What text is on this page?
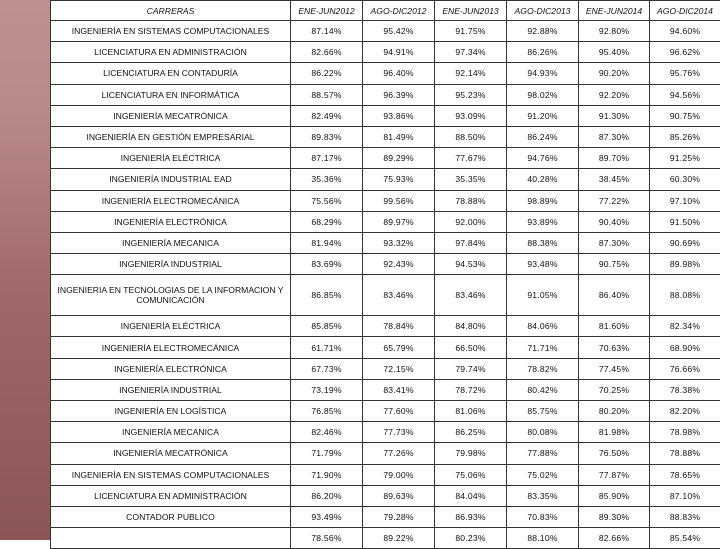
CARRERAS	ENE-JUN2012	AGO-DIC2012	ENE-JUN2013	AGO-DIC2013	ENE-JUN2014	AGO-DIC2014
INGENIERÍA EN SISTEMAS COMPUTACIONALES	87.14%	95.42%	91.75%	92.88%	92.80%	94.60%
LICENCIATURA EN ADMINISTRACIÓN	82.66%	94.91%	97.34%	86.26%	95.40%	96.62%
LICENCIATURA EN CONTADURÍA	86.22%	96.40%	92.14%	94.93%	90.20%	95.76%
LICENCIATURA EN INFORMÁTICA	88.57%	96.39%	95.23%	98.02%	92.20%	94.56%
INGENIERÍA MECATRÓNICA	82.49%	93.86%	93.09%	91.20%	91.30%	90.75%
INGENIERÍA EN GESTIÓN EMPRESARIAL	89.83%	81.49%	88.50%	86.24%	87.30%	85.26%
INGENIERÍA ELÉCTRICA	87.17%	89.29%	77.67%	94.76%	89.70%	91.25%
INGENIERÍA INDUSTRIAL EAD	35.36%	75.93%	35.35%	40.28%	38.45%	60.30%
INGENIERÍA ELECTROMECÁNICA	75.56%	99.56%	78.88%	98.89%	77.22%	97.10%
INGENIERÍA ELECTRÓNICA	68.29%	89.97%	92.00%	93.89%	90.40%	91.50%
INGENIERÍA MECANICA	81.94%	93.32%	97.84%	88.38%	87.30%	90.69%
INGENIERÍA INDUSTRIAL	83.69%	92.43%	94.53%	93.48%	90.75%	89.98%
INGENIERIA EN TECNOLOGIAS DE LA INFORMACION Y COMUNICACIÓN	86.85%	83.46%	83.46%	91.05%	86.40%	88.08%
INGENIERÍA ELÉCTRICA	85.85%	78.84%	84.80%	84.06%	81.60%	82.34%
INGENIERÍA ELECTROMECÁNICA	61.71%	65.79%	66.50%	71.71%	70.63%	68.90%
INGENIERÍA ELECTRÓNICA	67.73%	72.15%	79.74%	78.82%	77.45%	76.66%
INGENIERÍA INDUSTRIAL	73.19%	83.41%	78.72%	80.42%	70.25%	78.38%
INGENIERÍA EN LOGÍSTICA	76.85%	77.60%	81.06%	85.75%	80.20%	82.20%
INGENIERÍA MECANICA	82.46%	77.73%	86.25%	80.08%	81.98%	78.98%
INGENIERÍA MECATRÓNICA	71.79%	77.26%	79.98%	77.88%	76.50%	78.88%
INGENIERÍA EN SISTEMAS COMPUTACIONALES	71.90%	79.00%	75.06%	75.02%	77.87%	78.65%
LICENCIATURA EN ADMINISTRACIÓN	86.20%	89.63%	84.04%	83.35%	85.90%	87.10%
CONTADOR PUBLICO	93.49%	79.28%	86.93%	70.83%	89.30%	88.83%
	78.56%	89.22%	80.23%	88.10%	82.66%	85.54%
